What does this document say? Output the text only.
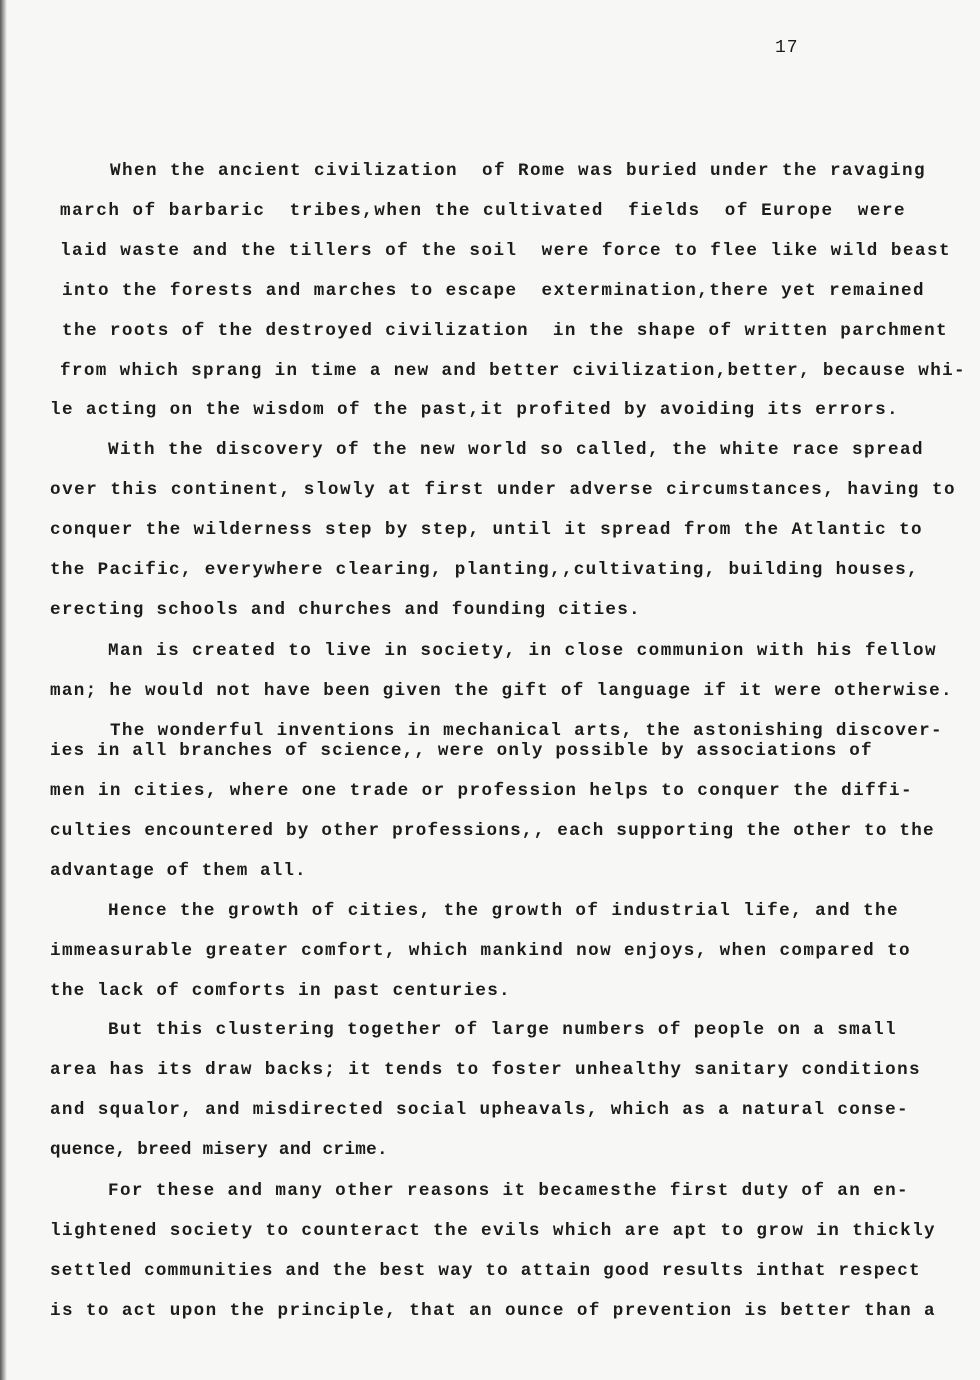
17
When the ancient civilization  of Rome was buried under the ravaging
march of barbaric  tribes,when the cultivated  fields  of Europe  were
laid waste and the tillers of the soil  were force to flee like wild beast
into the forests and marches to escape  extermination,there yet remained
the roots of the destroyed civilization  in the shape of written parchment
from which sprang in time a new and better civilization,better, because whi-
le acting on the wisdom of the past,it profited by avoiding its errors.
With the discovery of the new world so called, the white race spread
over this continent, slowly at first under adverse circumstances, having to
conquer the wilderness step by step, until it spread from the Atlantic to
the Pacific, everywhere clearing, planting,,cultivating, building houses,
erecting schools and churches and founding cities.
Man is created to live in society, in close communion with his fellow
man; he would not have been given the gift of language if it were otherwise.
The wonderful inventions in mechanical arts, the astonishing discover-
ies in all branches of science,, were only possible by associations of
men in cities, where one trade or profession helps to conquer the diffi-
culties encountered by other professions,, each supporting the other to the
advantage of them all.
Hence the growth of cities, the growth of industrial life, and the
immeasurable greater comfort, which mankind now enjoys, when compared to
the lack of comforts in past centuries.
But this clustering together of large numbers of people on a small
area has its draw backs; it tends to foster unhealthy sanitary conditions
and squalor, and misdirected social upheavals, which as a natural conse-
quence, breed misery and crime.
For these and many other reasons it becamesthe first duty of an en-
lightened society to counteract the evils which are apt to grow in thickly
settled communities and the best way to attain good results inthat respect
is to act upon the principle, that an ounce of prevention is better than a
